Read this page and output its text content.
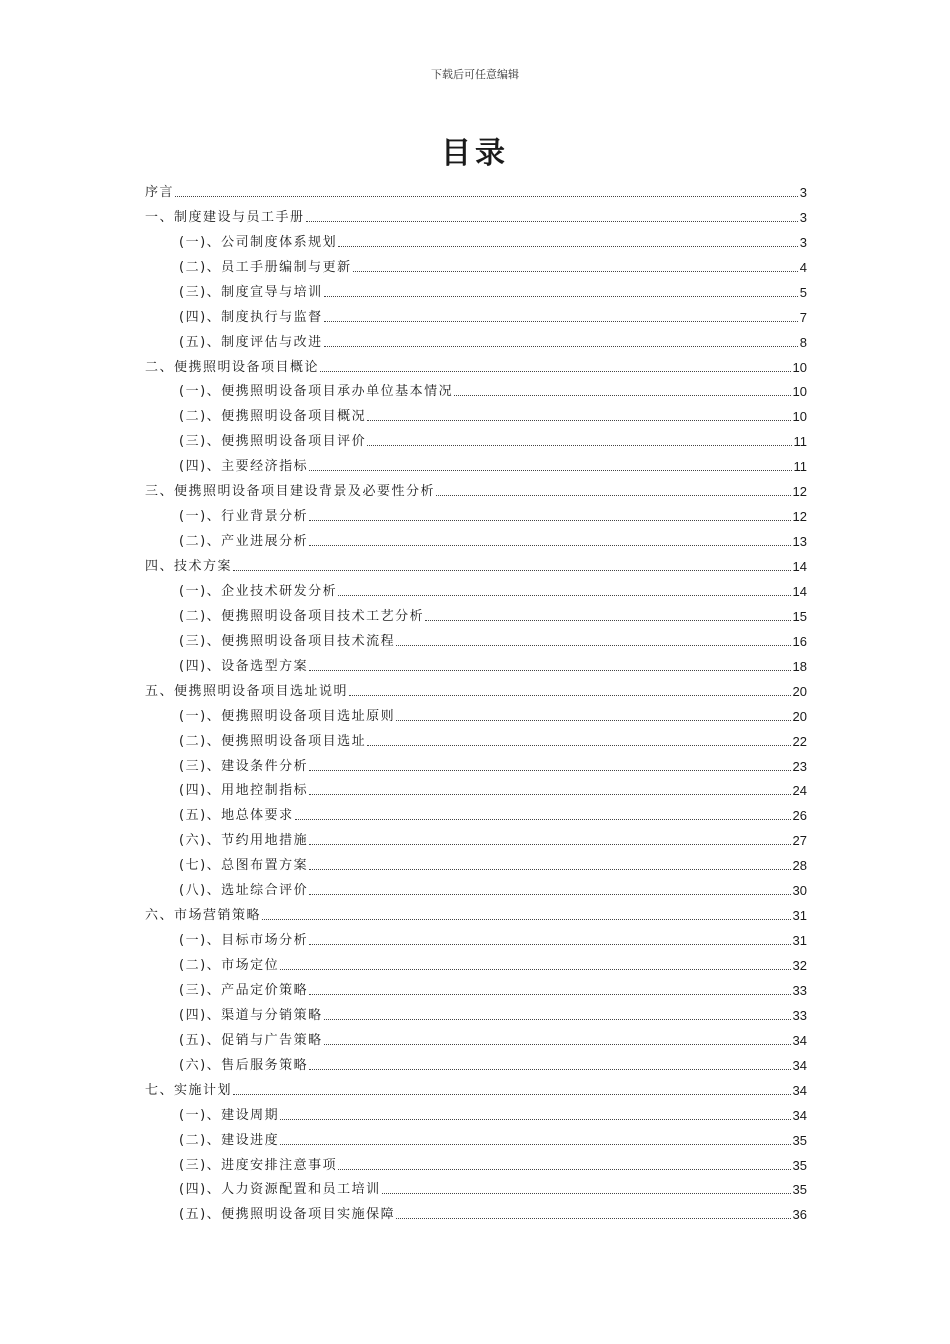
下载后可任意编辑
目录
序言	3
一、制度建设与员工手册	3
(一)、公司制度体系规划	3
(二)、员工手册编制与更新	4
(三)、制度宣导与培训	5
(四)、制度执行与监督	7
(五)、制度评估与改进	8
二、便携照明设备项目概论	10
(一)、便携照明设备项目承办单位基本情况	10
(二)、便携照明设备项目概况	10
(三)、便携照明设备项目评价	11
(四)、主要经济指标	11
三、便携照明设备项目建设背景及必要性分析	12
(一)、行业背景分析	12
(二)、产业进展分析	13
四、技术方案	14
(一)、企业技术研发分析	14
(二)、便携照明设备项目技术工艺分析	15
(三)、便携照明设备项目技术流程	16
(四)、设备选型方案	18
五、便携照明设备项目选址说明	20
(一)、便携照明设备项目选址原则	20
(二)、便携照明设备项目选址	22
(三)、建设条件分析	23
(四)、用地控制指标	24
(五)、地总体要求	26
(六)、节约用地措施	27
(七)、总图布置方案	28
(八)、选址综合评价	30
六、市场营销策略	31
(一)、目标市场分析	31
(二)、市场定位	32
(三)、产品定价策略	33
(四)、渠道与分销策略	33
(五)、促销与广告策略	34
(六)、售后服务策略	34
七、实施计划	34
(一)、建设周期	34
(二)、建设进度	35
(三)、进度安排注意事项	35
(四)、人力资源配置和员工培训	35
(五)、便携照明设备项目实施保障	36
